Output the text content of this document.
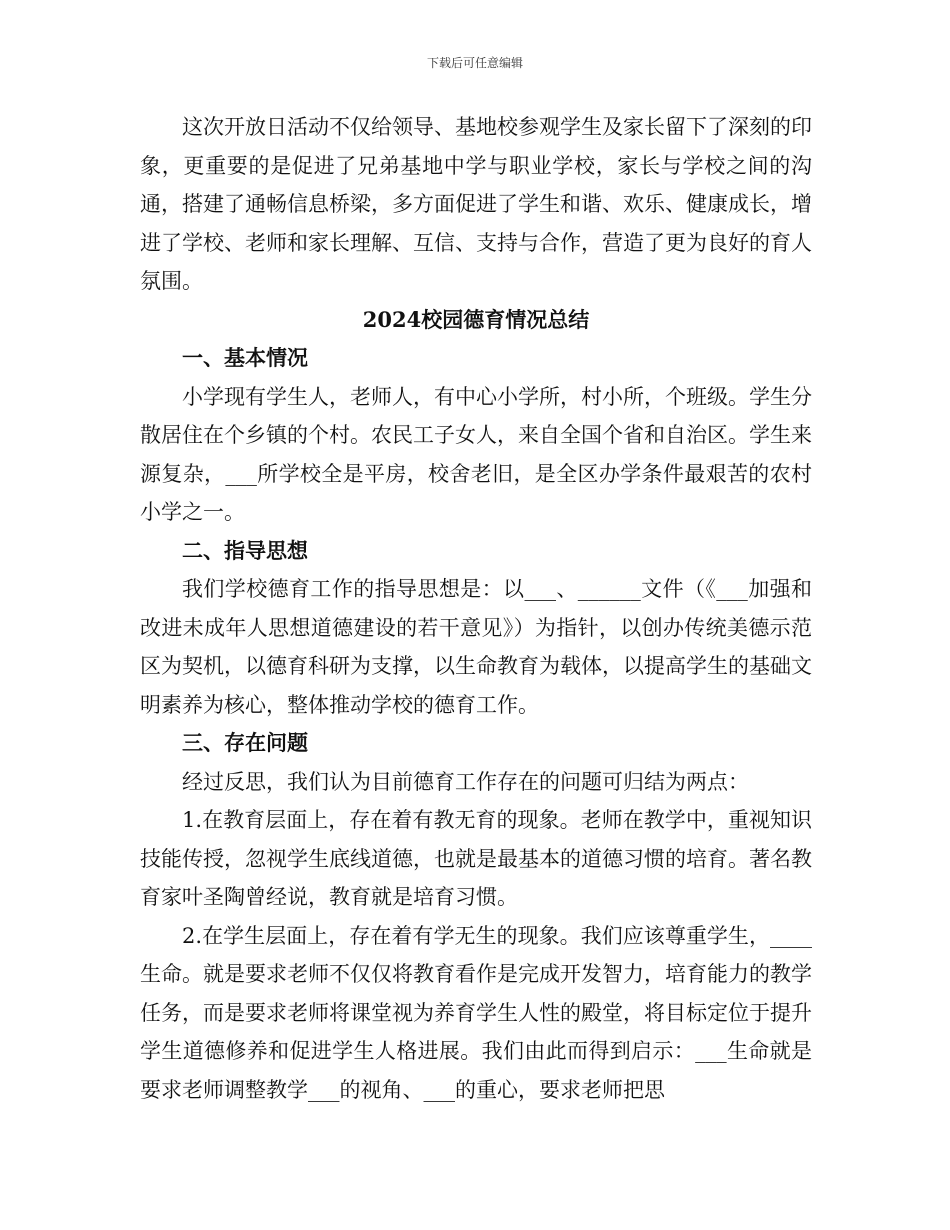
下载后可任意编辑

这次开放日活动不仅给领导、基地校参观学生及家长留下了深刻的印象，更重要的是促进了兄弟基地中学与职业学校，家长与学校之间的沟通，搭建了通畅信息桥梁，多方面促进了学生和谐、欢乐、健康成长，增进了学校、老师和家长理解、互信、支持与合作，营造了更为良好的育人氛围。

2024校园德育情况总结
一、基本情况

小学现有学生人，老师人，有中心小学所，村小所，个班级。学生分散居住在个乡镇的个村。农民工子女人，来自全国个省和自治区。学生来源复杂，___所学校全是平房，校舍老旧，是全区办学条件最艰苦的农村小学之一。

二、指导思想

我们学校德育工作的指导思想是：以___、______文件（《___加强和改进未成年人思想道德建设的若干意见》）为指针，以创办传统美德示范区为契机，以德育科研为支撑，以生命教育为载体，以提高学生的基础文明素养为核心，整体推动学校的德育工作。

三、存在问题

经过反思，我们认为目前德育工作存在的问题可归结为两点：

1.在教育层面上，存在着有教无育的现象。老师在教学中，重视知识技能传授，忽视学生底线道德，也就是最基本的道德习惯的培育。著名教育家叶圣陶曾经说，教育就是培育习惯。

2.在学生层面上，存在着有学无生的现象。我们应该尊重学生，____生命。就是要求老师不仅仅将教育看作是完成开发智力，培育能力的教学任务，而是要求老师将课堂视为养育学生人性的殿堂，将目标定位于提升学生道德修养和促进学生人格进展。我们由此而得到启示：___生命就是要求老师调整教学___的视角、___的重心，要求老师把思
